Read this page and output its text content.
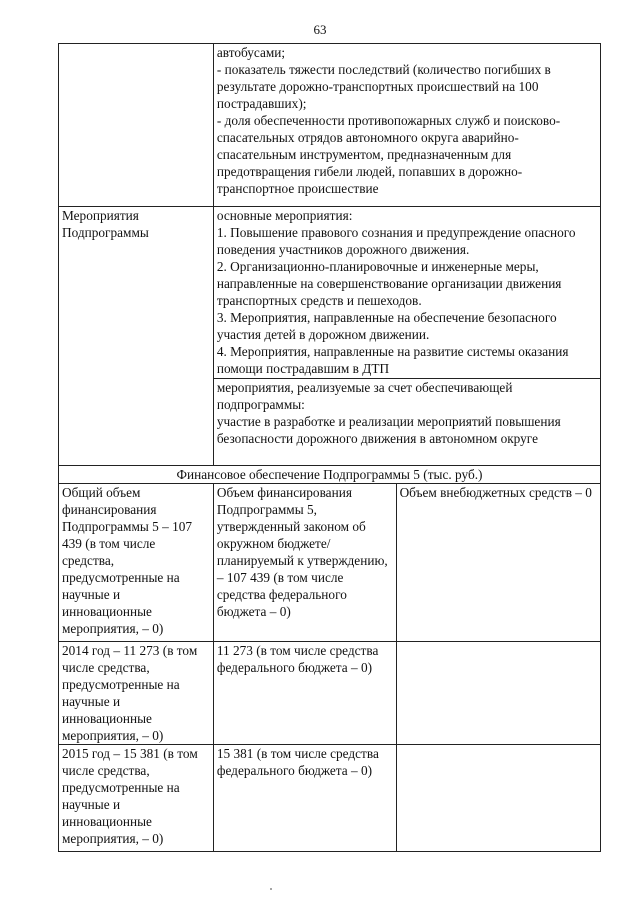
63

	автобусами;

- показатель тяжести последствий (количество погибших в результате дорожно-транспортных происшествий на 100 пострадавших);

- доля обеспеченности противопожарных служб и поисково-спасательных отрядов автономного округа аварийно-спасательным инструментом, предназначенным для предотвращения гибели людей, попавших в дорожно-транспортное происшествие	

Мероприятия Подпрограммы	основные мероприятия:

1. Повышение правового сознания и предупреждение опасного поведения участников дорожного движения.

2. Организационно-планировочные и инженерные меры, направленные на совершенствование организации движения транспортных средств и пешеходов.

3. Мероприятия, направленные на обеспечение безопасного участия детей в дорожном движении.

4. Мероприятия, направленные на развитие системы оказания помощи пострадавшим в ДТП	

	мероприятия, реализуемые за счет обеспечивающей подпрограммы:

участие в разработке и реализации мероприятий повышения безопасности дорожного движения в автономном округе	

Финансовое обеспечение Подпрограммы 5 (тыс. руб.)		
Общий объем финансирования Подпрограммы 5 – 107 439 (в том числе средства, предусмотренные на научные и инновационные мероприятия, – 0)	Объем финансирования Подпрограммы 5, утвержденный законом об окружном бюджете/планируемый к утверждению, – 107 439 (в том числе средства федерального бюджета – 0)	Объем внебюджетных средств – 0
2014 год – 11 273 (в том числе средства, предусмотренные на научные и инновационные мероприятия, – 0)	11 273 (в том числе средства федерального бюджета – 0)	
2015 год – 15 381 (в том числе средства, предусмотренные на научные и инновационные мероприятия, – 0)	15 381 (в том числе средства федерального бюджета – 0)	
